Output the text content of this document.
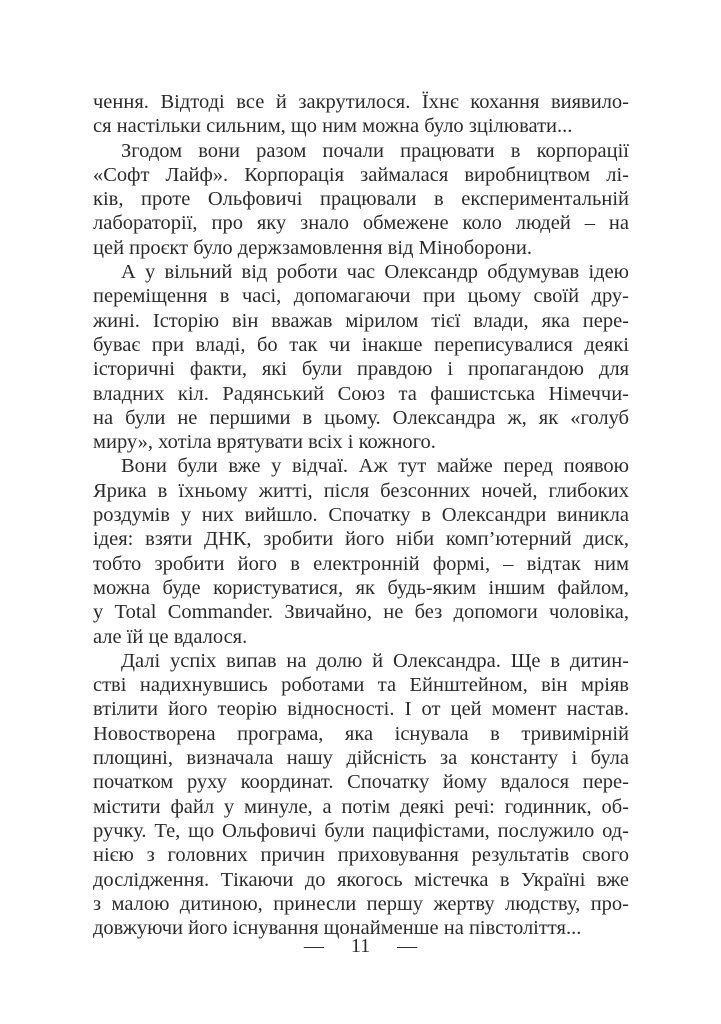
чення. Відтоді все й закрутилося. Їхнє кохання виявило-
ся настільки сильним, що ним можна було зцілювати...

Згодом вони разом почали працювати в корпорації
«Софт Лайф». Корпорація займалася виробництвом лі-
ків, проте Ольфовичі працювали в експериментальній
лабораторії, про яку знало обмежене коло людей – на
цей проєкт було держзамовлення від Міноборони.

А у вільний від роботи час Олександр обдумував ідею
переміщення в часі, допомагаючи при цьому своїй дру-
жині. Історію він вважав мірилом тієї влади, яка пере-
буває при владі, бо так чи інакше переписувалися деякі
історичні факти, які були правдою і пропагандою для
владних кіл. Радянський Союз та фашистська Німеччи-
на були не першими в цьому. Олександра ж, як «голуб
миру», хотіла врятувати всіх і кожного.

Вони були вже у відчаї. Аж тут майже перед появою
Ярика в їхньому житті, після безсонних ночей, глибоких
роздумів у них вийшло. Спочатку в Олександри виникла
ідея: взяти ДНК, зробити його ніби комп’ютерний диск,
тобто зробити його в електронній формі, – відтак ним
можна буде користуватися, як будь-яким іншим файлом,
у Total Commander. Звичайно, не без допомоги чоловіка,
але їй це вдалося.

Далі успіх випав на долю й Олександра. Ще в дитин-
стві надихнувшись роботами та Ейнштейном, він мріяв
втілити його теорію відносності. І от цей момент настав.
Новостворена програма, яка існувала в тривимірній
площині, визначала нашу дійсність за константу і була
початком руху координат. Спочатку йому вдалося пере-
містити файл у минуле, а потім деякі речі: годинник, об-
ручку. Те, що Ольфовичі були пацифістами, послужило од-
нією з головних причин приховування результатів свого
дослідження. Тікаючи до якогось містечка в Україні вже
з малою дитиною, принесли першу жертву людству, про-
довжуючи його існування щонайменше на півстоліття...

— 11 —
